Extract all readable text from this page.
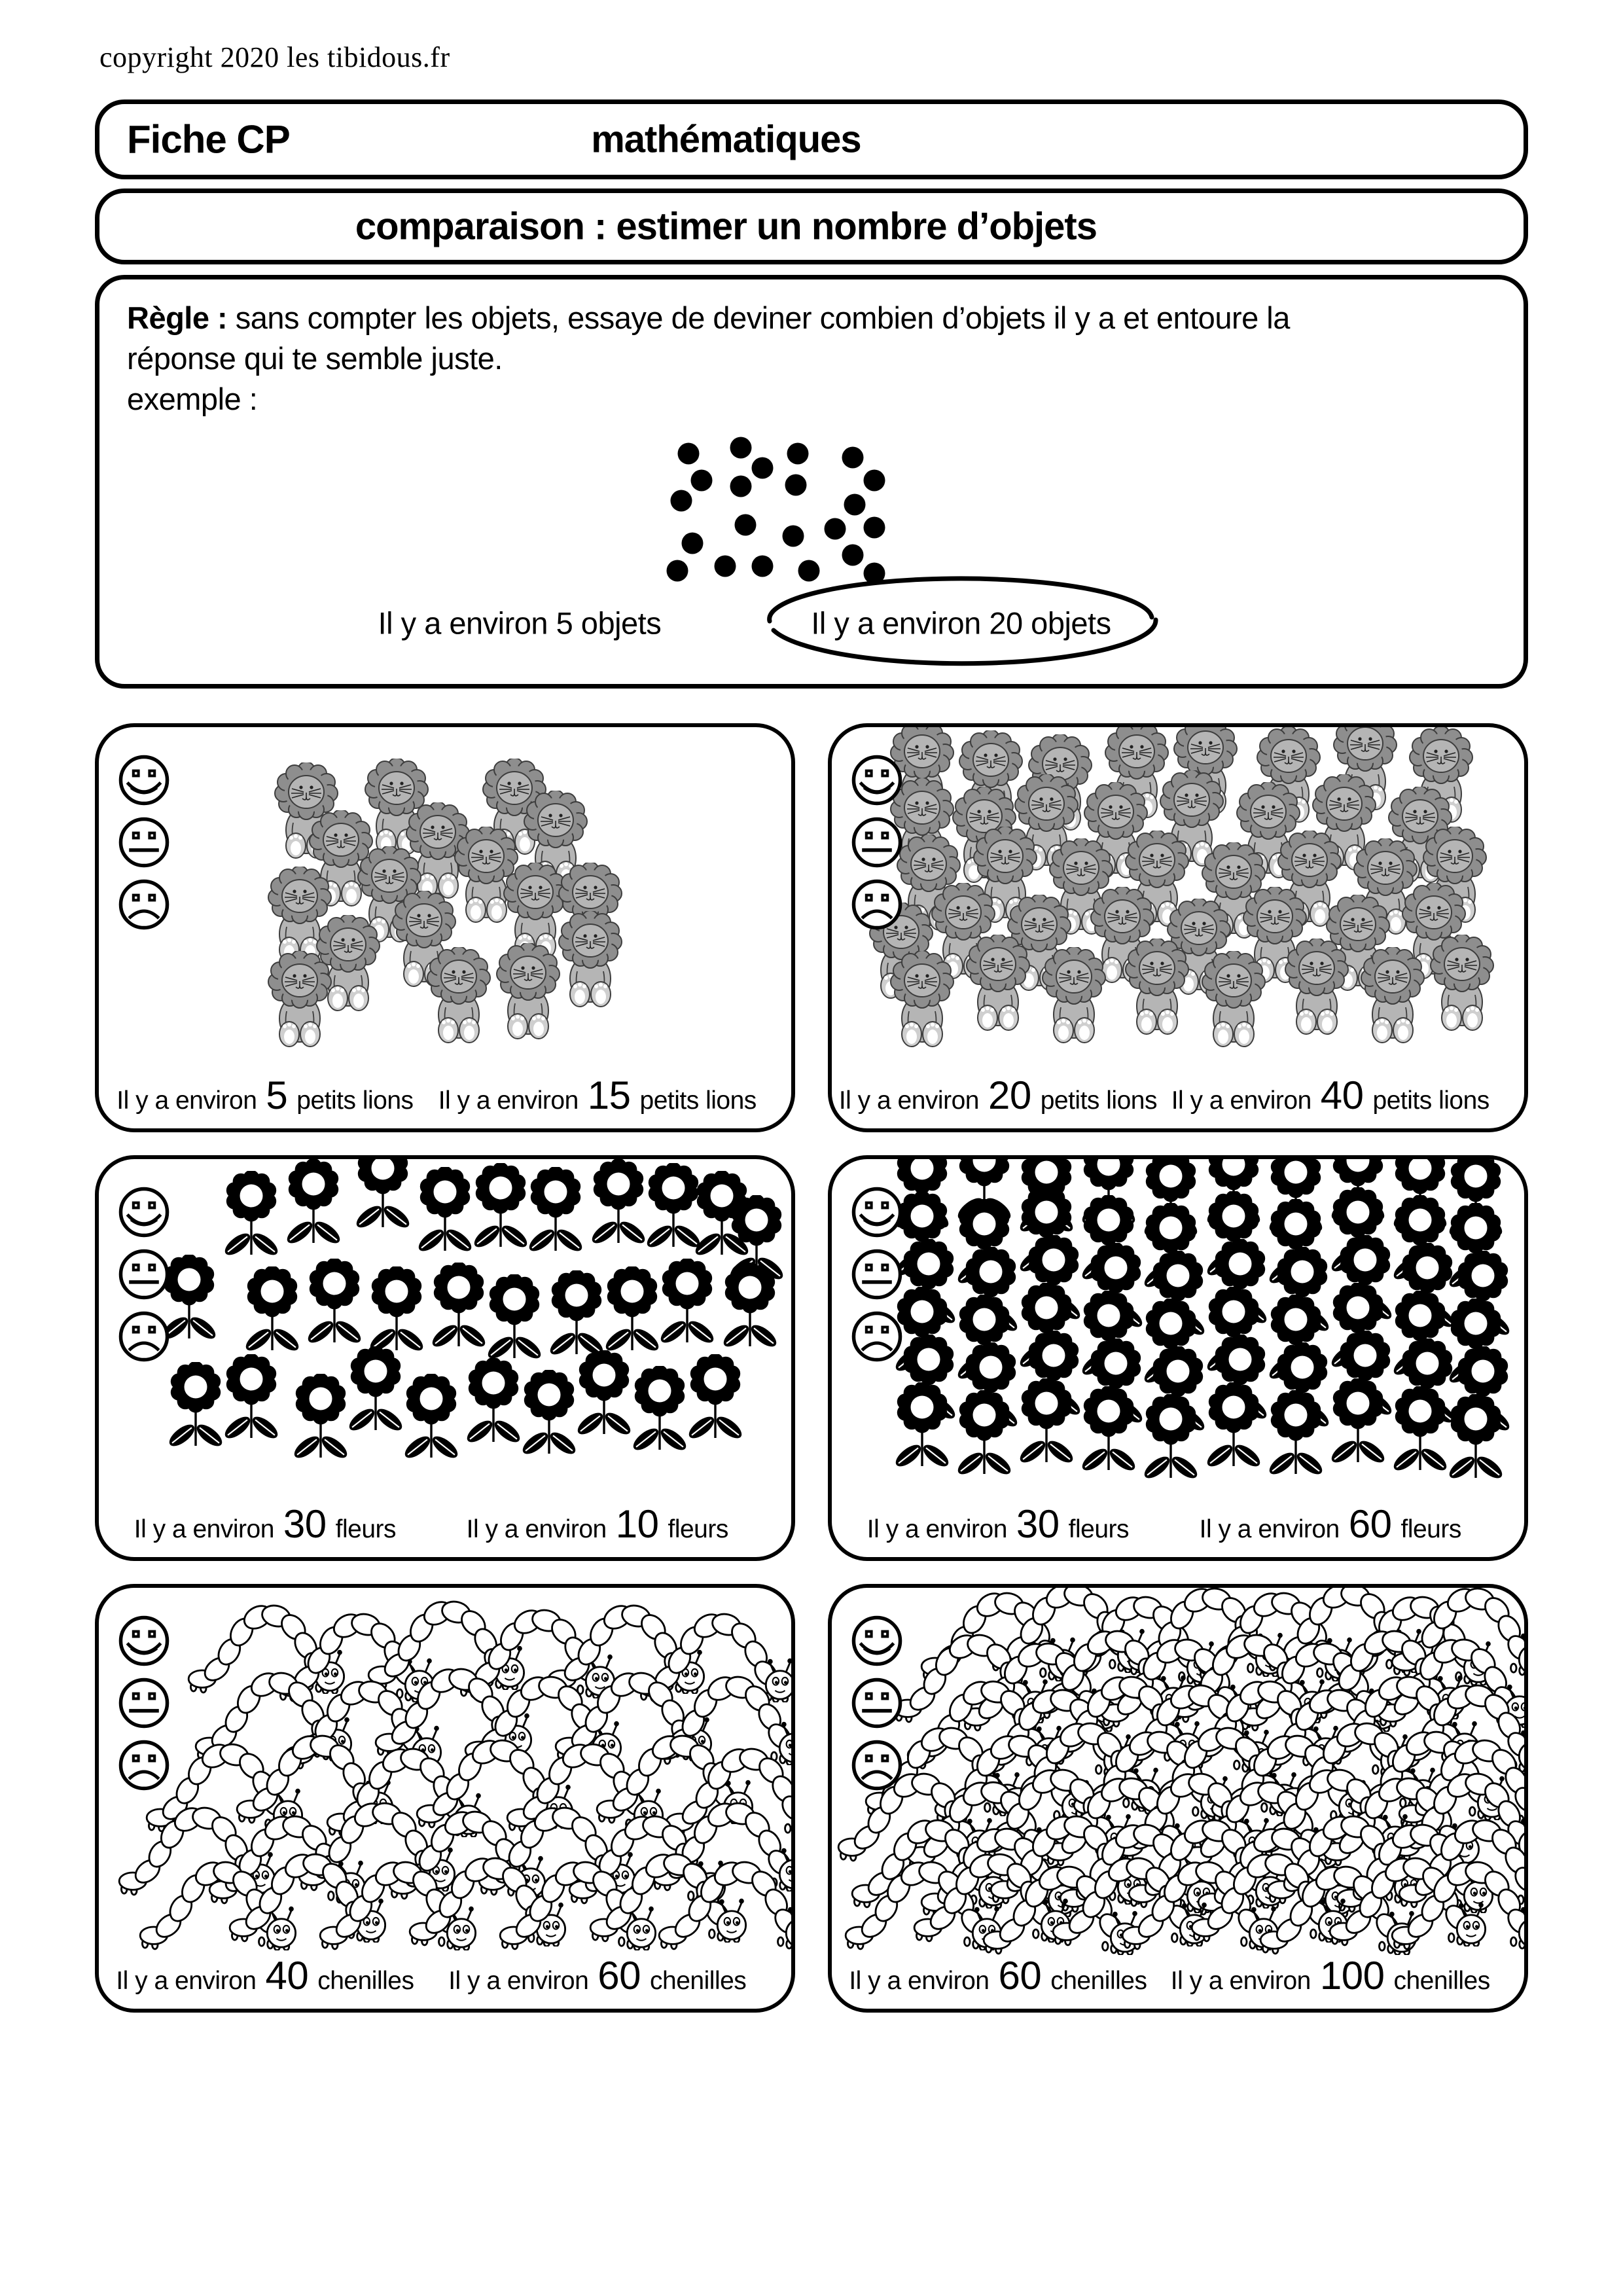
copyright 2020 les tibidous.fr
Fiche CP	mathématiques
comparaison : estimer un nombre d’objets
Règle : sans compter les objets, essaye de deviner combien d’objets il y a et entoure la
réponse qui te semble juste.
exemple :
Il y a environ 5 objets	Il y a environ 20 objets
Il y a environ 5 petits lions Il y a environ 15 petits lions	Il y a environ 20 petits lions Il y a environ 40 petits lions
Il y a environ 30 fleurs	Il y a environ 10 fleurs	Il y a environ 30 fleurs	Il y a environ 60 fleurs
Il y a environ 40 chenilles Il y a environ 60 chenilles	Il y a environ 60 chenilles Il y a environ 100 chenilles
